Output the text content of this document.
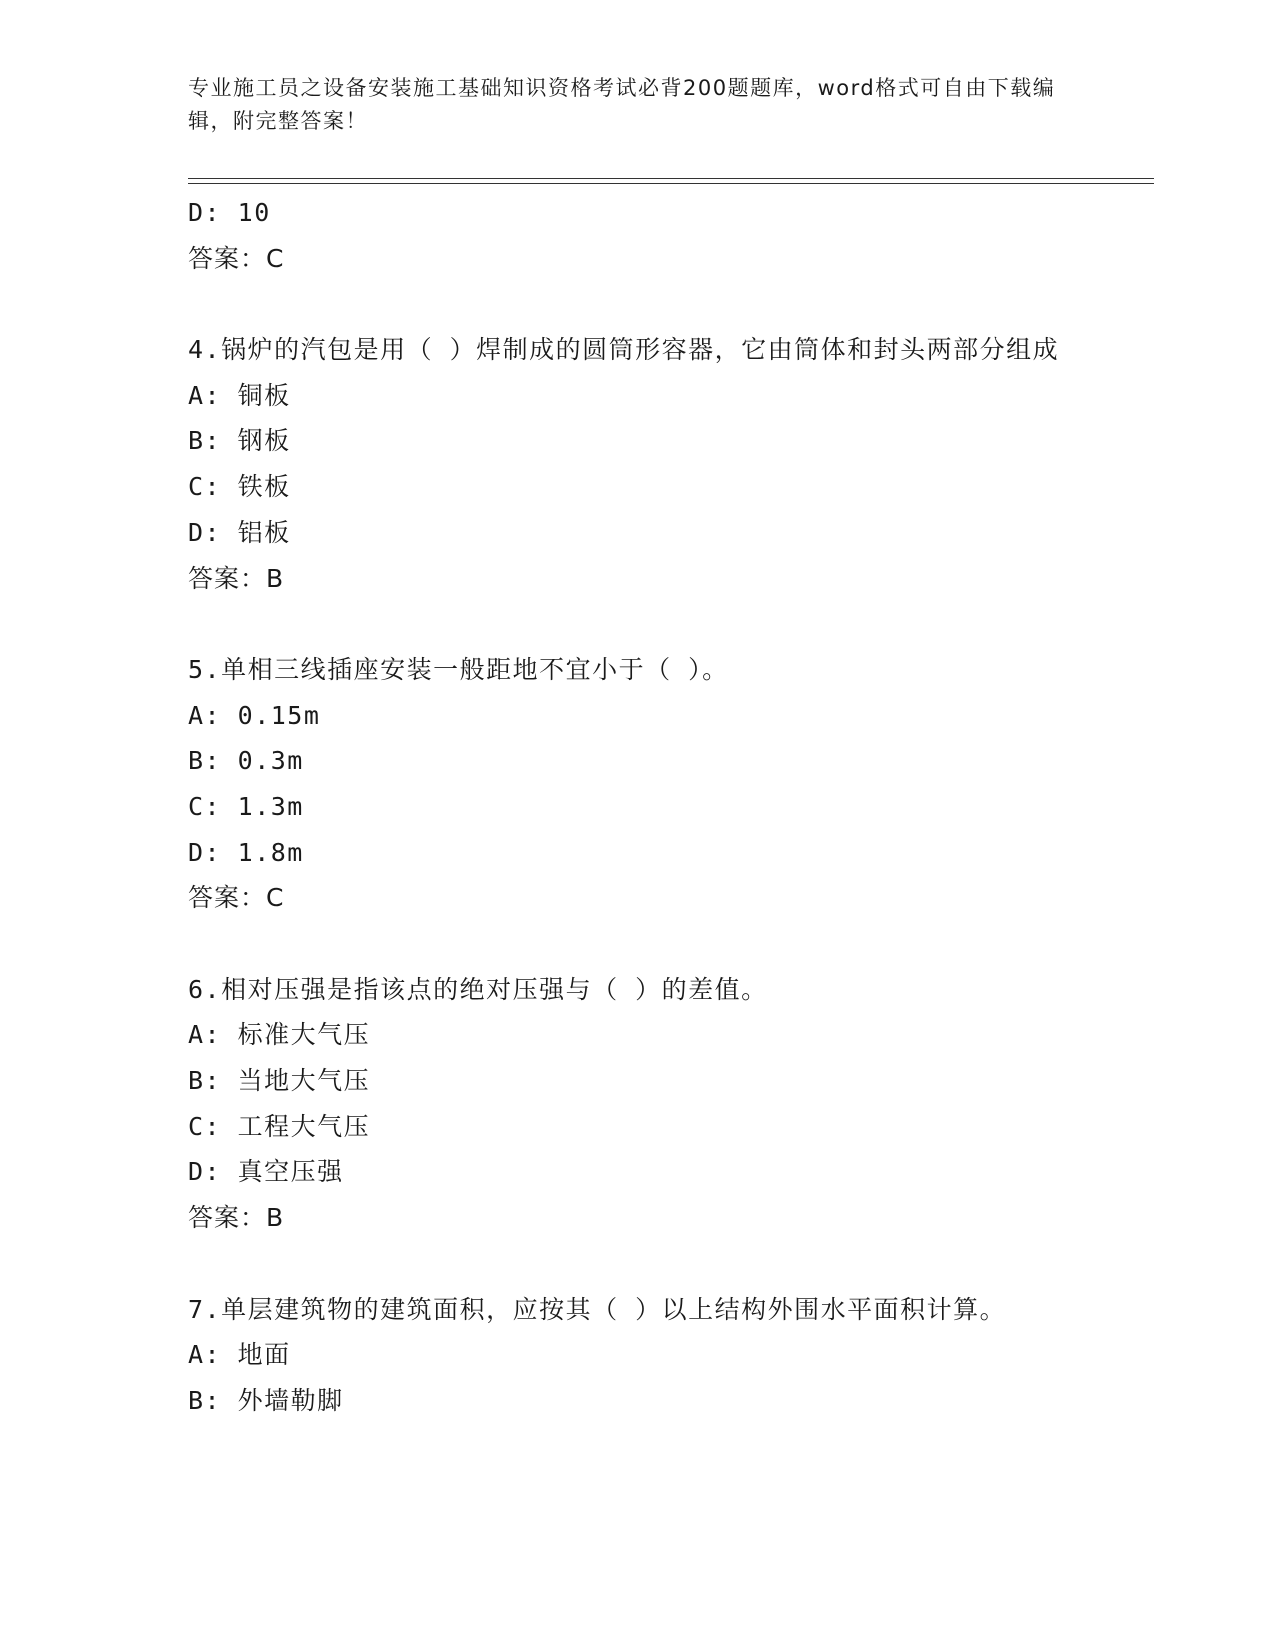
专业施工员之设备安装施工基础知识资格考试必背200题题库，word格式可自由下载编辑，附完整答案！
D: 10
答案：C
4.锅炉的汽包是用（ ）焊制成的圆筒形容器，它由筒体和封头两部分组成
A: 铜板
B: 钢板
C: 铁板
D: 铝板
答案：B
5.单相三线插座安装一般距地不宜小于（ ）。
A: 0.15m
B: 0.3m
C: 1.3m
D: 1.8m
答案：C
6.相对压强是指该点的绝对压强与（ ）的差值。
A: 标准大气压
B: 当地大气压
C: 工程大气压
D: 真空压强
答案：B
7.单层建筑物的建筑面积，应按其（ ）以上结构外围水平面积计算。
A: 地面
B: 外墙勒脚
